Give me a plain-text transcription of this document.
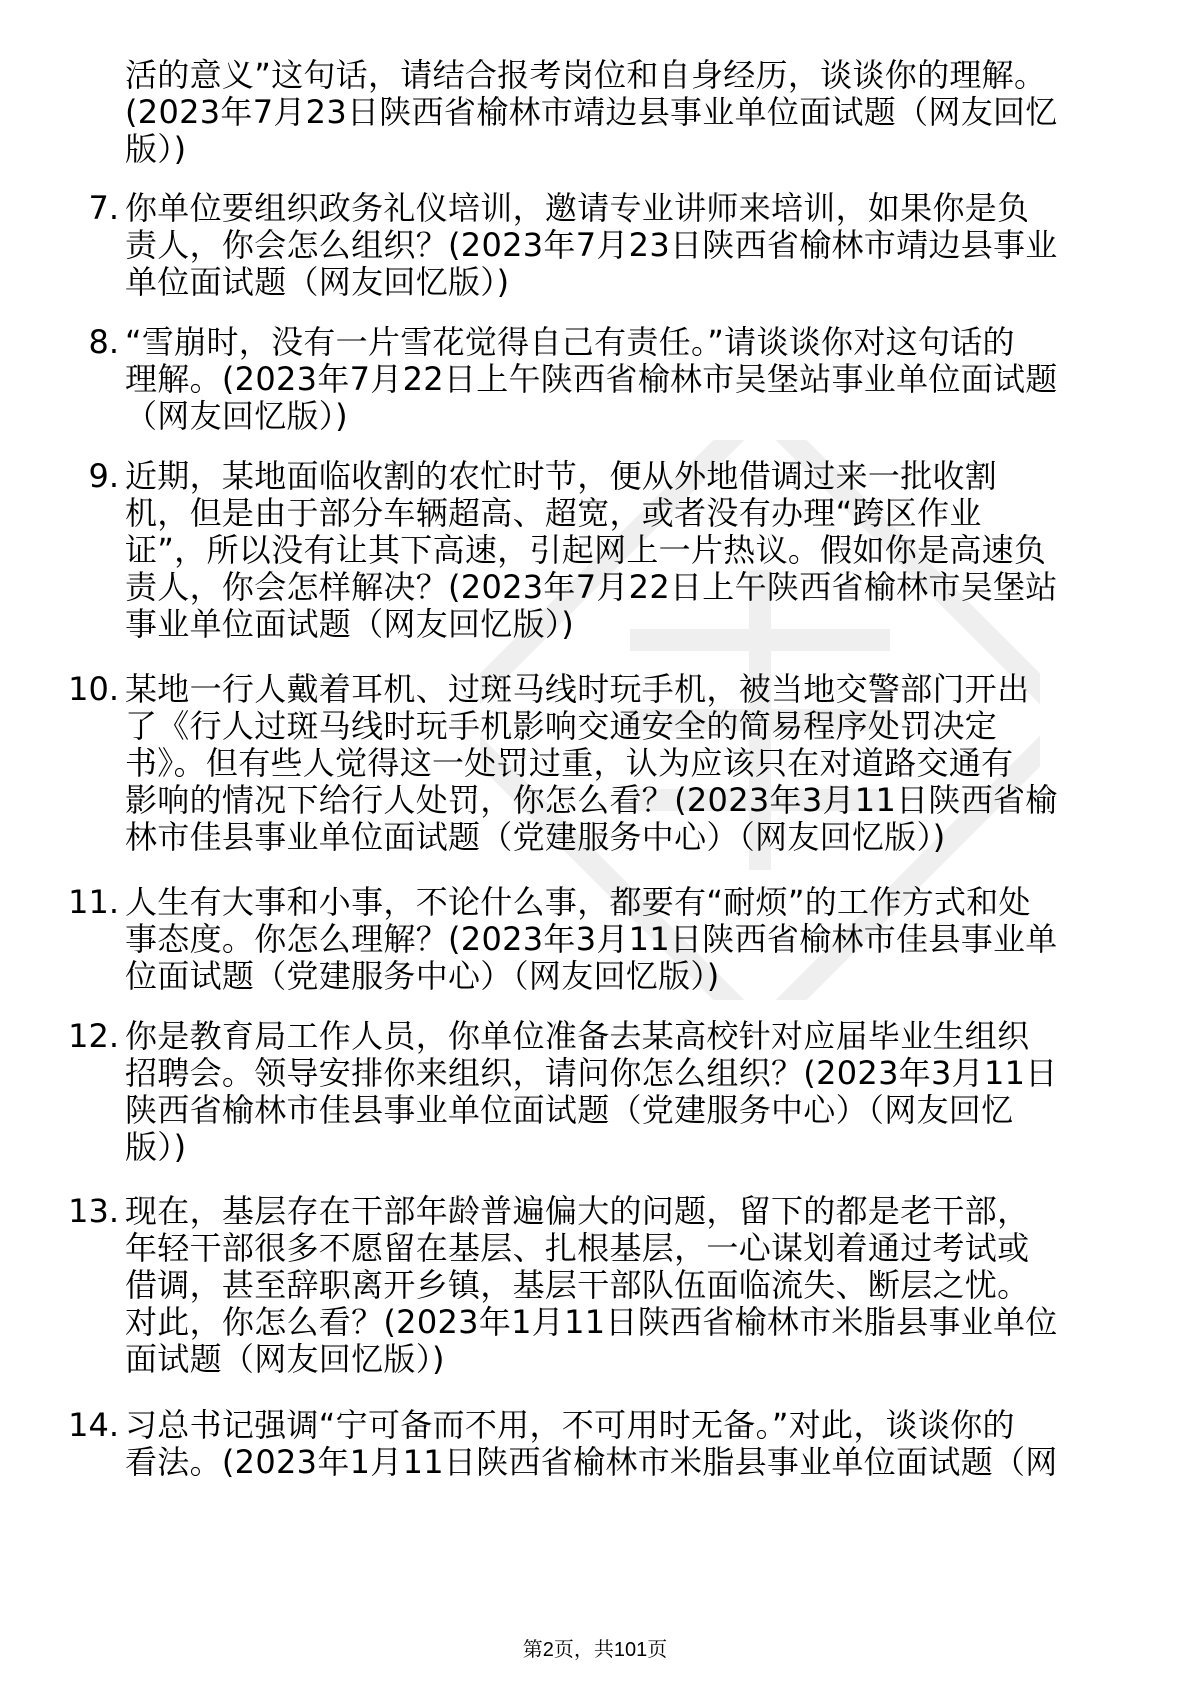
活的意义”这句话，请结合报考岗位和自身经历，谈谈你的理解。
(2023年7月23日陕西省榆林市靖边县事业单位面试题（网友回忆
版）)

7. 你单位要组织政务礼仪培训，邀请专业讲师来培训，如果你是负
责人，你会怎么组织？(2023年7月23日陕西省榆林市靖边县事业
单位面试题（网友回忆版）)

8. “雪崩时，没有一片雪花觉得自己有责任。”请谈谈你对这句话的
理解。(2023年7月22日上午陕西省榆林市吴堡站事业单位面试题
（网友回忆版）)

9. 近期，某地面临收割的农忙时节，便从外地借调过来一批收割
机，但是由于部分车辆超高、超宽，或者没有办理“跨区作业
证”，所以没有让其下高速，引起网上一片热议。假如你是高速负
责人，你会怎样解决？(2023年7月22日上午陕西省榆林市吴堡站
事业单位面试题（网友回忆版）)

10. 某地一行人戴着耳机、过斑马线时玩手机，被当地交警部门开出
了《行人过斑马线时玩手机影响交通安全的简易程序处罚决定
书》。但有些人觉得这一处罚过重，认为应该只在对道路交通有
影响的情况下给行人处罚，你怎么看？(2023年3月11日陕西省榆
林市佳县事业单位面试题（党建服务中心）（网友回忆版）)

11. 人生有大事和小事，不论什么事，都要有“耐烦”的工作方式和处
事态度。你怎么理解？(2023年3月11日陕西省榆林市佳县事业单
位面试题（党建服务中心）（网友回忆版）)

12. 你是教育局工作人员，你单位准备去某高校针对应届毕业生组织
招聘会。领导安排你来组织，请问你怎么组织？(2023年3月11日
陕西省榆林市佳县事业单位面试题（党建服务中心）（网友回忆
版）)

13. 现在，基层存在干部年龄普遍偏大的问题，留下的都是老干部，
年轻干部很多不愿留在基层、扎根基层，一心谋划着通过考试或
借调，甚至辞职离开乡镇，基层干部队伍面临流失、断层之忧。
对此，你怎么看？(2023年1月11日陕西省榆林市米脂县事业单位
面试题（网友回忆版）)

14. 习总书记强调“宁可备而不用，不可用时无备。”对此，谈谈你的
看法。(2023年1月11日陕西省榆林市米脂县事业单位面试题（网

第2页，共101页
